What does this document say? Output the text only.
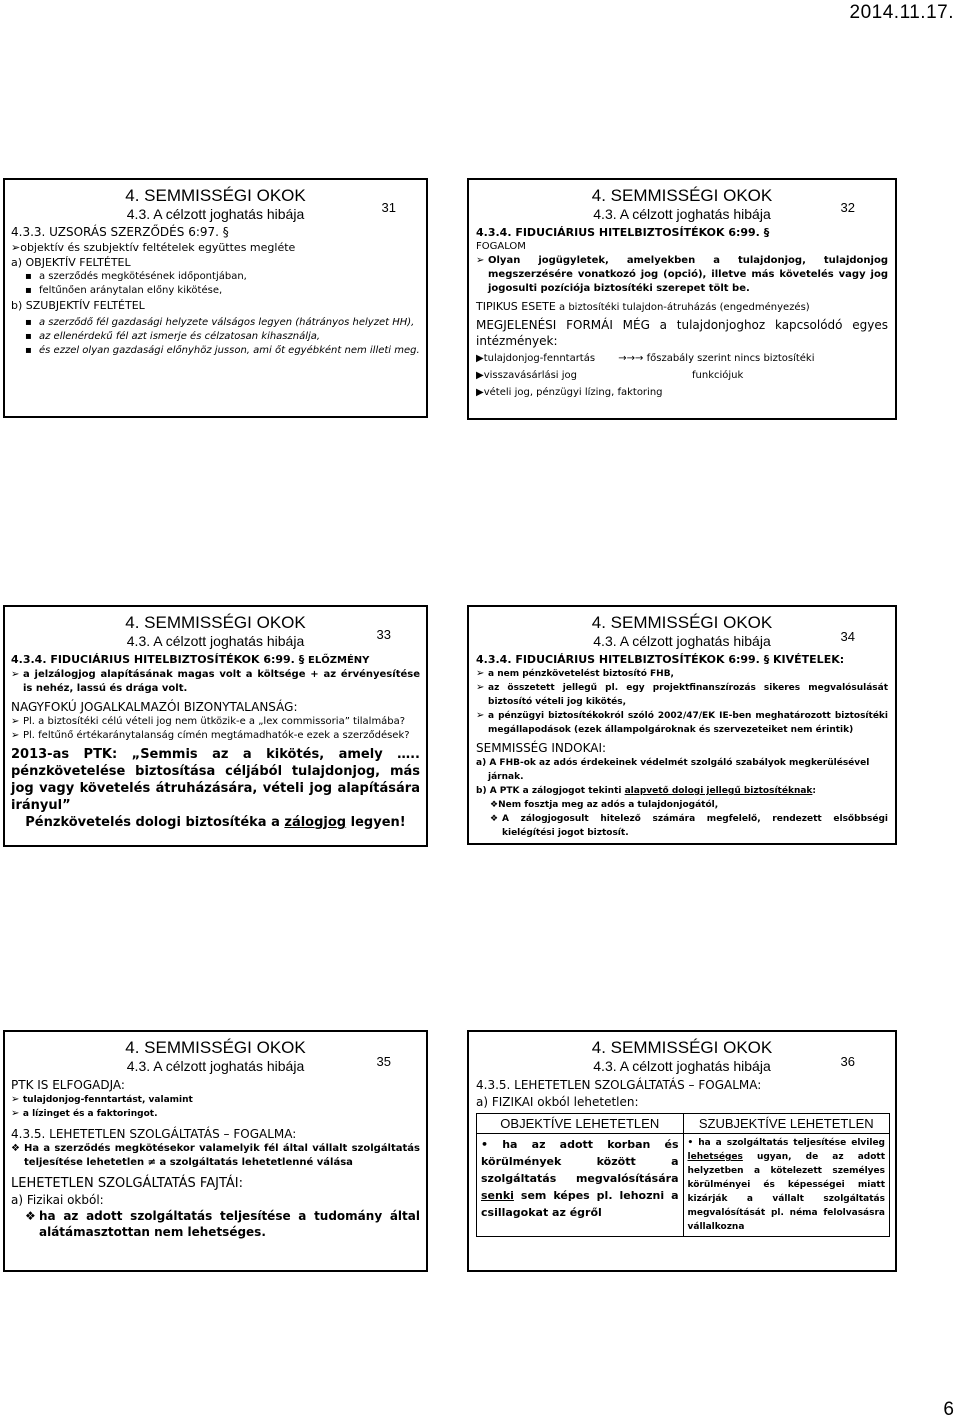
2014.11.17.
31
4. SEMMISSÉGI OKOK
4.3. A célzott joghatás hibája
4.3.3. UZSORÁS SZERZŐDÉS 6:97. §
➢objektív és szubjektív feltételek együttes megléte
a) OBJEKTÍV FELTÉTEL
▪ a szerződés megkötésének időpontjában,
▪ feltűnően aránytalan előny kikötése,
b) SZUBJEKTÍV FELTÉTEL
▪ a szerződő fél gazdasági helyzete válságos legyen (hátrányos helyzet HH),
▪ az ellenérdekű fél azt ismerje és célzatosan kihasználja,
▪ és ezzel olyan gazdasági előnyhöz jusson, ami őt egyébként nem illeti meg.
32
4. SEMMISSÉGI OKOK
4.3. A célzott joghatás hibája
4.3.4. FIDUCIÁRIUS HITELBIZTOSÍTÉKOK 6:99. §
FOGALOM
➢ Olyan jogügyletek, amelyekben a tulajdonjog, tulajdonjog megszerzésére vonatkozó jog (opció), illetve más követelés vagy jog jogosulti pozíciója biztosítéki szerepet tölt be.
TIPIKUS ESETE a biztosítéki tulajdon-átruházás (engedményezés)
MEGJELENÉSI FORMÁI MÉG a tulajdonjoghoz kapcsolódó egyes intézmények:
▶tulajdonjog-fenntartás →→→ főszabály szerint nincs biztosítéki
▶visszavásárlási jog	funkciójuk
▶vételi jog, pénzügyi lízing, faktoring
33
4. SEMMISSÉGI OKOK
4.3. A célzott joghatás hibája
4.3.4. FIDUCIÁRIUS HITELBIZTOSÍTÉKOK 6:99. § ELŐZMÉNY
➢ a jelzálogjog alapításának magas volt a költsége + az érvényesítése is nehéz, lassú és drága volt.
NAGYFOKÚ JOGALKALMAZÓI BIZONYTALANSÁG:
➢ Pl. a biztosítéki célú vételi jog nem ütközik-e a „lex commissoria” tilalmába?
➢ Pl. feltűnő értékaránytalanság címén megtámadhatók-e ezek a szerződések?
2013-as PTK: „Semmis az a kikötés, amely ….. pénzkövetelése biztosítása céljából tulajdonjog, más jog vagy követelés átruházására, vételi jog alapítására irányul”
Pénzkövetelés dologi biztosítéka a zálogjog legyen!
34
4. SEMMISSÉGI OKOK
4.3. A célzott joghatás hibája
4.3.4. FIDUCIÁRIUS HITELBIZTOSÍTÉKOK 6:99. § KIVÉTELEK:
➢ a nem pénzkövetelést biztosító FHB,
➢ az összetett jellegű pl. egy projektfinanszírozás sikeres megvalósulását biztosító vételi jog kikötés,
➢ a pénzügyi biztosítékokról szóló 2002/47/EK IE-ben meghatározott biztosítéki megállapodások (ezek állampolgároknak és szervezeteiket nem érintik)
SEMMISSÉG INDOKAI:
a) A FHB-ok az adós érdekeinek védelmét szolgáló szabályok megkerülésével járnak.
b) A PTK a zálogjogot tekinti alapvető dologi jellegű biztosítéknak:
❖Nem fosztja meg az adós a tulajdonjogától,
❖ A zálogjogosult hitelező számára megfelelő, rendezett elsőbbségi kielégítési jogot biztosít.
35
4. SEMMISSÉGI OKOK
4.3. A célzott joghatás hibája
PTK IS ELFOGADJA:
➢ tulajdonjog-fenntartást, valamint
➢ a lízinget és a faktoringot.
4.3.5. LEHETETLEN SZOLGÁLTATÁS – FOGALMA:
❖ Ha a szerződés megkötésekor valamelyik fél által vállalt szolgáltatás teljesítése lehetetlen ≠ a szolgáltatás lehetetlenné válása
LEHETETLEN SZOLGÁLTATÁS FAJTÁI:
a) Fizikai okból:
❖ ha az adott szolgáltatás teljesítése a tudomány által alátámasztottan nem lehetséges.
36
4. SEMMISSÉGI OKOK
4.3. A célzott joghatás hibája
4.3.5. LEHETETLEN SZOLGÁLTATÁS – FOGALMA:
a) FIZIKAI okból lehetetlen:
OBJEKTÍVE LEHETETLEN	SZUBJEKTÍVE LEHETETLEN
• ha az adott korban és körülmények között a szolgáltatás megvalósítására senki sem képes pl. lehozni a csillagokat az égről	• ha a szolgáltatás teljesítése elvileg lehetséges ugyan, de az adott helyzetben a kötelezett személyes körülményei és képességei miatt kizárják a vállalt szolgáltatás megvalósítását pl. néma felolvasásra vállalkozna
6
